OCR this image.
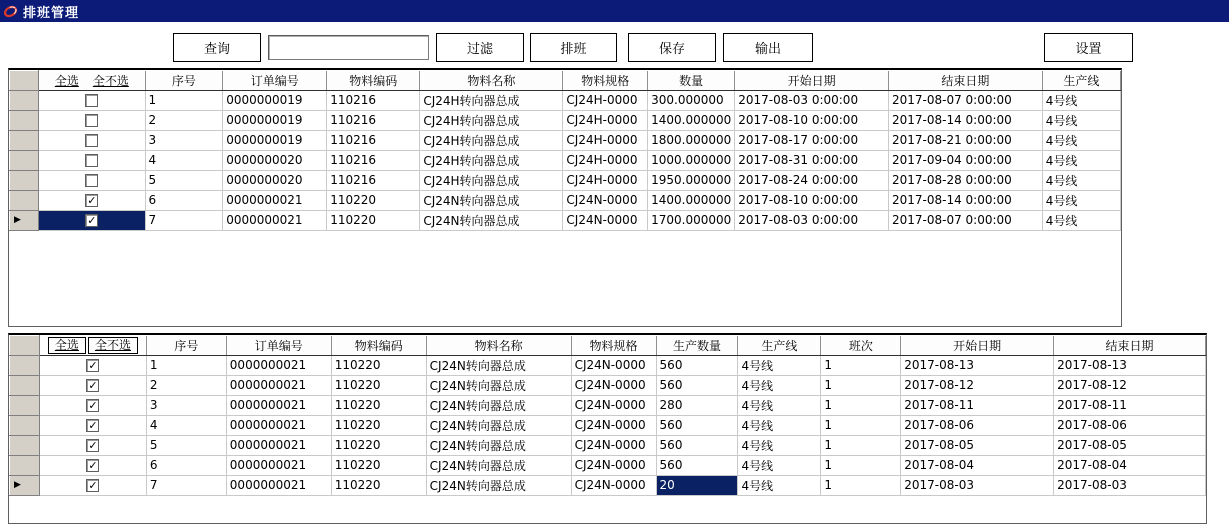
排班管理
查询	过滤	排班	保存	输出	设置
	全选 全不选	序号	订单编号	物料编码	物料名称	物料规格	数量	开始日期	结束日期	生产线
		1	0000000019	110216	CJ24H转向器总成	CJ24H-0000	300.000000	2017-08-03 0:00:00	2017-08-07 0:00:00	4号线
		2	0000000019	110216	CJ24H转向器总成	CJ24H-0000	1400.000000	2017-08-10 0:00:00	2017-08-14 0:00:00	4号线
		3	0000000019	110216	CJ24H转向器总成	CJ24H-0000	1800.000000	2017-08-17 0:00:00	2017-08-21 0:00:00	4号线
		4	0000000020	110216	CJ24H转向器总成	CJ24H-0000	1000.000000	2017-08-31 0:00:00	2017-09-04 0:00:00	4号线
		5	0000000020	110216	CJ24H转向器总成	CJ24H-0000	1950.000000	2017-08-24 0:00:00	2017-08-28 0:00:00	4号线
	✓	6	0000000021	110220	CJ24N转向器总成	CJ24N-0000	1400.000000	2017-08-10 0:00:00	2017-08-14 0:00:00	4号线
▶	✓	7	0000000021	110220	CJ24N转向器总成	CJ24N-0000	1700.000000	2017-08-03 0:00:00	2017-08-07 0:00:00	4号线
	全选 全不选	序号	订单编号	物料编码	物料名称	物料规格	生产数量	生产线	班次	开始日期	结束日期
	✓	1	0000000021	110220	CJ24N转向器总成	CJ24N-0000	560	4号线	1	2017-08-13	2017-08-13
	✓	2	0000000021	110220	CJ24N转向器总成	CJ24N-0000	560	4号线	1	2017-08-12	2017-08-12
	✓	3	0000000021	110220	CJ24N转向器总成	CJ24N-0000	280	4号线	1	2017-08-11	2017-08-11
	✓	4	0000000021	110220	CJ24N转向器总成	CJ24N-0000	560	4号线	1	2017-08-06	2017-08-06
	✓	5	0000000021	110220	CJ24N转向器总成	CJ24N-0000	560	4号线	1	2017-08-05	2017-08-05
	✓	6	0000000021	110220	CJ24N转向器总成	CJ24N-0000	560	4号线	1	2017-08-04	2017-08-04
▶	✓	7	0000000021	110220	CJ24N转向器总成	CJ24N-0000	20	4号线	1	2017-08-03	2017-08-03
